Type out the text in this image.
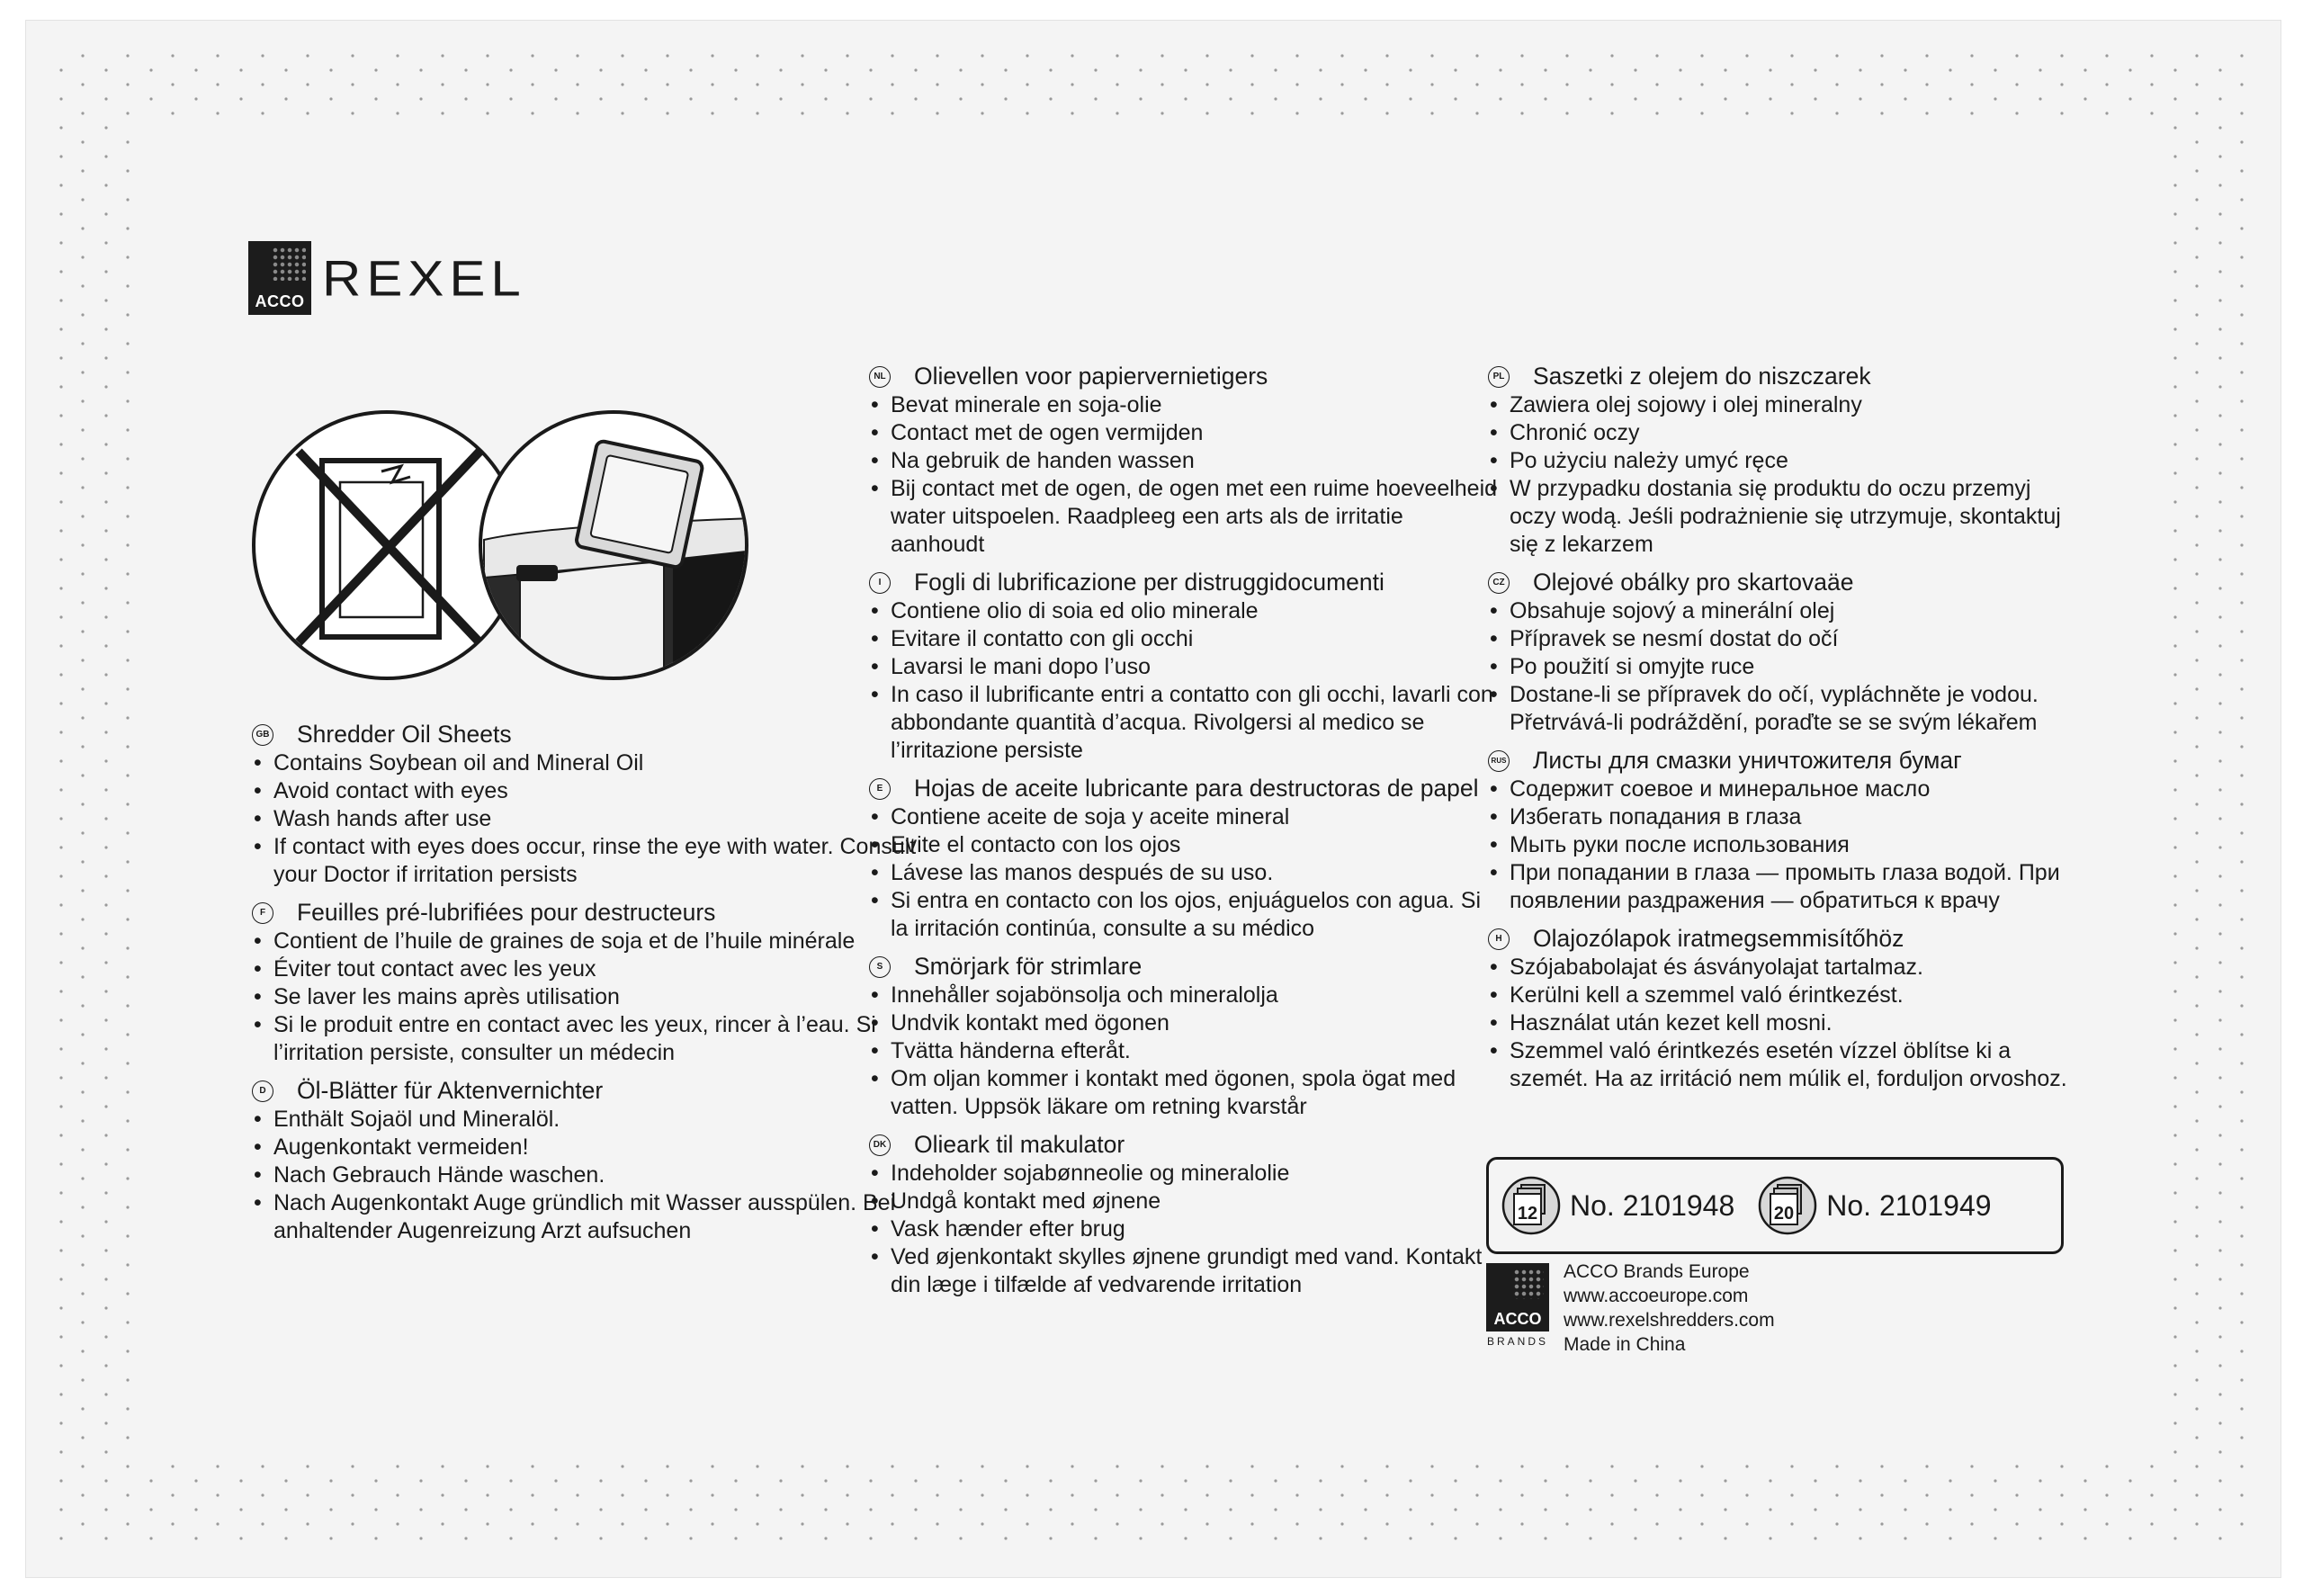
ACCO REXEL
GB Shredder Oil Sheets
• Contains Soybean oil and Mineral Oil
• Avoid contact with eyes
• Wash hands after use
• If contact with eyes does occur, rinse the eye with water. Consult your Doctor if irritation persists
F	Feuilles pré-lubrifiées pour destructeurs
• Contient de l’huile de graines de soja et de l’huile minérale
• Éviter tout contact avec les yeux
• Se laver les mains après utilisation
• Si le produit entre en contact avec les yeux, rincer à l’eau. Si l’irritation persiste, consulter un médecin
D	Öl-Blätter für Aktenvernichter
• Enthält Sojaöl und Mineralöl.
• Augenkontakt vermeiden!
• Nach Gebrauch Hände waschen.
• Nach Augenkontakt Auge gründlich mit Wasser ausspülen. Bei anhaltender Augenreizung Arzt aufsuchen
NL Olievellen voor papiervernietigers
• Bevat minerale en soja-olie
• Contact met de ogen vermijden
• Na gebruik de handen wassen
• Bij contact met de ogen, de ogen met een ruime hoeveelheid water uitspoelen. Raadpleeg een arts als de irritatie aanhoudt
I	Fogli di lubrificazione per distruggidocumenti
• Contiene olio di soia ed olio minerale
• Evitare il contatto con gli occhi
• Lavarsi le mani dopo l’uso
• In caso il lubrificante entri a contatto con gli occhi, lavarli con abbondante quantità d’acqua. Rivolgersi al medico se l’irritazione persiste
E	Hojas de aceite lubricante para destructoras de papel
• Contiene aceite de soja y aceite mineral
• Evite el contacto con los ojos
• Lávese las manos después de su uso.
• Si entra en contacto con los ojos, enjuáguelos con agua. Si la irritación continúa, consulte a su médico
S	Smörjark för strimlare
• Innehåller sojabönsolja och mineralolja
• Undvik kontakt med ögonen
• Tvätta händerna efteråt.
• Om oljan kommer i kontakt med ögonen, spola ögat med vatten. Uppsök läkare om retning kvarstår
DK Olieark til makulator
• Indeholder sojabønneolie og mineralolie
• Undgå kontakt med øjnene
• Vask hænder efter brug
• Ved øjenkontakt skylles øjnene grundigt med vand. Kontakt din læge i tilfælde af vedvarende irritation
PL Saszetki z olejem do niszczarek
• Zawiera olej sojowy i olej mineralny
• Chronić oczy
• Po użyciu należy umyć ręce
• W przypadku dostania się produktu do oczu przemyj oczy wodą. Jeśli podrażnienie się utrzymuje, skontaktuj się z lekarzem
CZ Olejové obálky pro skartovaäe
• Obsahuje sojový a minerální olej
• Přípravek se nesmí dostat do očí
• Po použití si omyjte ruce
• Dostane-li se přípravek do očí, vypláchněte je vodou. Přetrvává-li podráždění, poraďte se se svým lékařem
RUS Листы для смазки уничтожителя бумаг
• Содержит соевое и минеральное масло
• Избегать попадания в глаза
• Мыть руки после использования
• При попадании в глаза — промыть глаза водой. При появлении раздражения — обратиться к врачу
H	Olajozólapok iratmegsemmisítőhöz
• Szójababolajat és ásványolajat tartalmaz.
• Kerülni kell a szemmel való érintkezést.
• Használat után kezet kell mosni.
• Szemmel való érintkezés esetén vízzel öblítse ki a szemét. Ha az irritáció nem múlik el, forduljon orvoshoz.
12 No. 2101948 20 No. 2101949
ACCO
BRANDS
ACCO Brands Europe
www.accoeurope.com
www.rexelshredders.com
Made in China
